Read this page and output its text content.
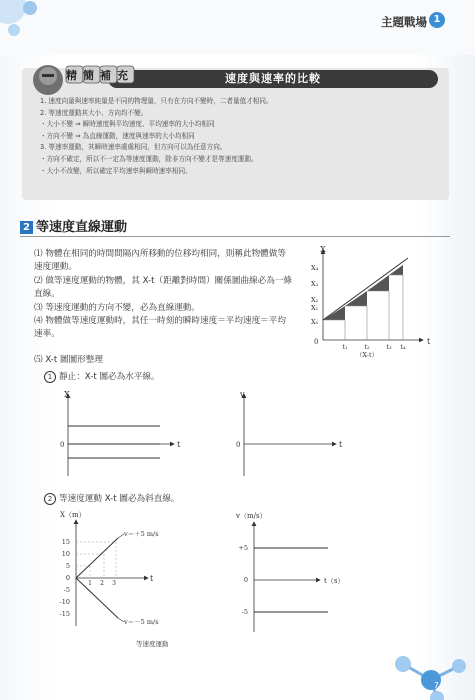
主題戰場 1
速度與速率的比較
精簡補充
1. 速度向量與速率純量是不同的物理量，只有在方向不變時，二者量值才相同。
2. 等速度運動其大小、方向均不變。
・大小不變 ⇒ 瞬時速度與平均速度、平均速率的大小均相同
・方向不變 ⇒ 為直線運動，速度與速率的大小均相同
3. 等速率運動，其瞬時速率處處相同，但方向可以為任意方向。
・方向不確定，所以不一定為等速度運動，除非方向不變才是等速度運動。
・大小不改變，所以確定平均速率與瞬時速率相同。
2 等速度直線運動

⑴ 物體在相同的時間間隔內所移動的位移均相同，則稱此物體做等速度運動。

⑵ 做等速度運動的物體，其 X-t（距離對時間）關係圖曲線必為一條直線。

⑶ 等速度運動的方向不變，必為直線運動。

⑷ 物體做等速度運動時，其任一時刻的瞬時速度＝平均速度＝平均速率。

⑸ X-t 圖圖形整理
1 靜止：X-t 圖必為水平線。
2 等速度運動 X-t 圖必為斜直線。
X
t
0
X₄
X₃
X₂
X₁
X₀
t₁	t₂	t₃ t₄
（X-t）
X
t
0
v
t
0
v＝＋5 m/s
v＝－5 m/s
X（m）
t
15
10
5
0
-5
-10
-15
1 2 3
等速度運動
v（m/s）
t（s）
+5
0
-5
7
